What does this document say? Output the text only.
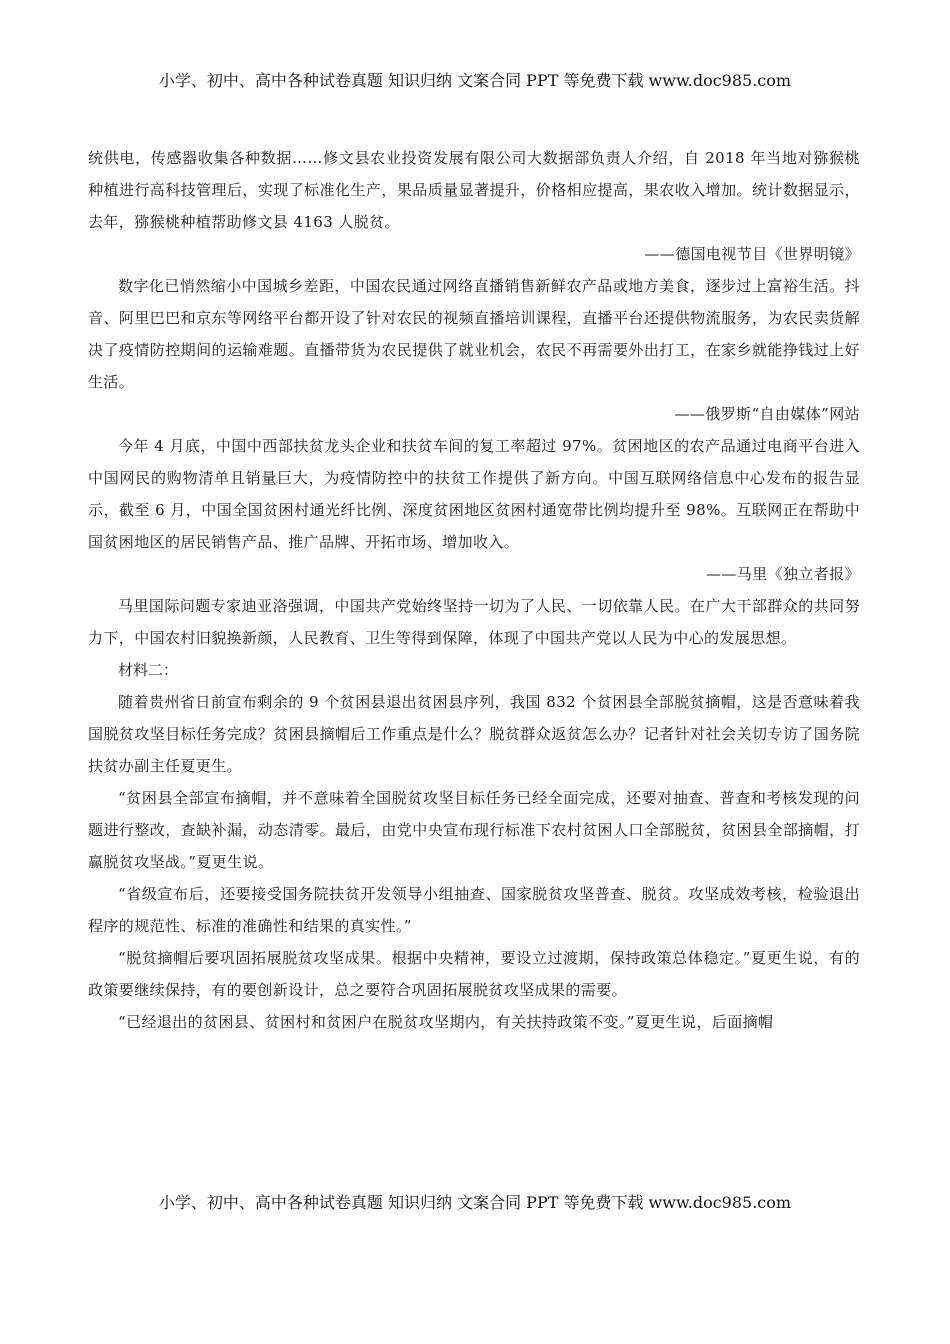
小学、初中、高中各种试卷真题 知识归纳 文案合同 PPT 等免费下载 www.doc985.com

统供电，传感器收集各种数据……修文县农业投资发展有限公司大数据部负责人介绍，自 2018 年当地对猕猴桃种植进行高科技管理后，实现了标准化生产，果品质量显著提升，价格相应提高，果农收入增加。统计数据显示，去年，猕猴桃种植帮助修文县 4163 人脱贫。

——德国电视节目《世界明镜》

数字化已悄然缩小中国城乡差距，中国农民通过网络直播销售新鲜农产品或地方美食，逐步过上富裕生活。抖音、阿里巴巴和京东等网络平台都开设了针对农民的视频直播培训课程，直播平台还提供物流服务，为农民卖货解决了疫情防控期间的运输难题。直播带货为农民提供了就业机会，农民不再需要外出打工，在家乡就能挣钱过上好生活。

——俄罗斯“自由媒体”网站

今年 4 月底，中国中西部扶贫龙头企业和扶贫车间的复工率超过 97%。贫困地区的农产品通过电商平台进入中国网民的购物清单且销量巨大，为疫情防控中的扶贫工作提供了新方向。中国互联网络信息中心发布的报告显示，截至 6 月，中国全国贫困村通光纤比例、深度贫困地区贫困村通宽带比例均提升至 98%。互联网正在帮助中国贫困地区的居民销售产品、推广品牌、开拓市场、增加收入。

——马里《独立者报》

马里国际问题专家迪亚洛强调，中国共产党始终坚持一切为了人民、一切依靠人民。在广大干部群众的共同努力下，中国农村旧貌换新颜，人民教育、卫生等得到保障，体现了中国共产党以人民为中心的发展思想。

材料二：

随着贵州省日前宣布剩余的 9 个贫困县退出贫困县序列，我国 832 个贫困县全部脱贫摘帽，这是否意味着我国脱贫攻坚目标任务完成？贫困县摘帽后工作重点是什么？脱贫群众返贫怎么办？记者针对社会关切专访了国务院扶贫办副主任夏更生。

“贫困县全部宣布摘帽，并不意味着全国脱贫攻坚目标任务已经全面完成，还要对抽查、普查和考核发现的问题进行整改，查缺补漏，动态清零。最后，由党中央宣布现行标准下农村贫困人口全部脱贫，贫困县全部摘帽，打赢脱贫攻坚战。”夏更生说。

“省级宣布后，还要接受国务院扶贫开发领导小组抽查、国家脱贫攻坚普查、脱贫。攻坚成效考核，检验退出程序的规范性、标准的准确性和结果的真实性。”

“脱贫摘帽后要巩固拓展脱贫攻坚成果。根据中央精神，要设立过渡期，保持政策总体稳定。”夏更生说，有的政策要继续保持，有的要创新设计，总之要符合巩固拓展脱贫攻坚成果的需要。

“已经退出的贫困县、贫困村和贫困户在脱贫攻坚期内，有关扶持政策不变。”夏更生说，后面摘帽

小学、初中、高中各种试卷真题 知识归纳 文案合同 PPT 等免费下载 www.doc985.com
